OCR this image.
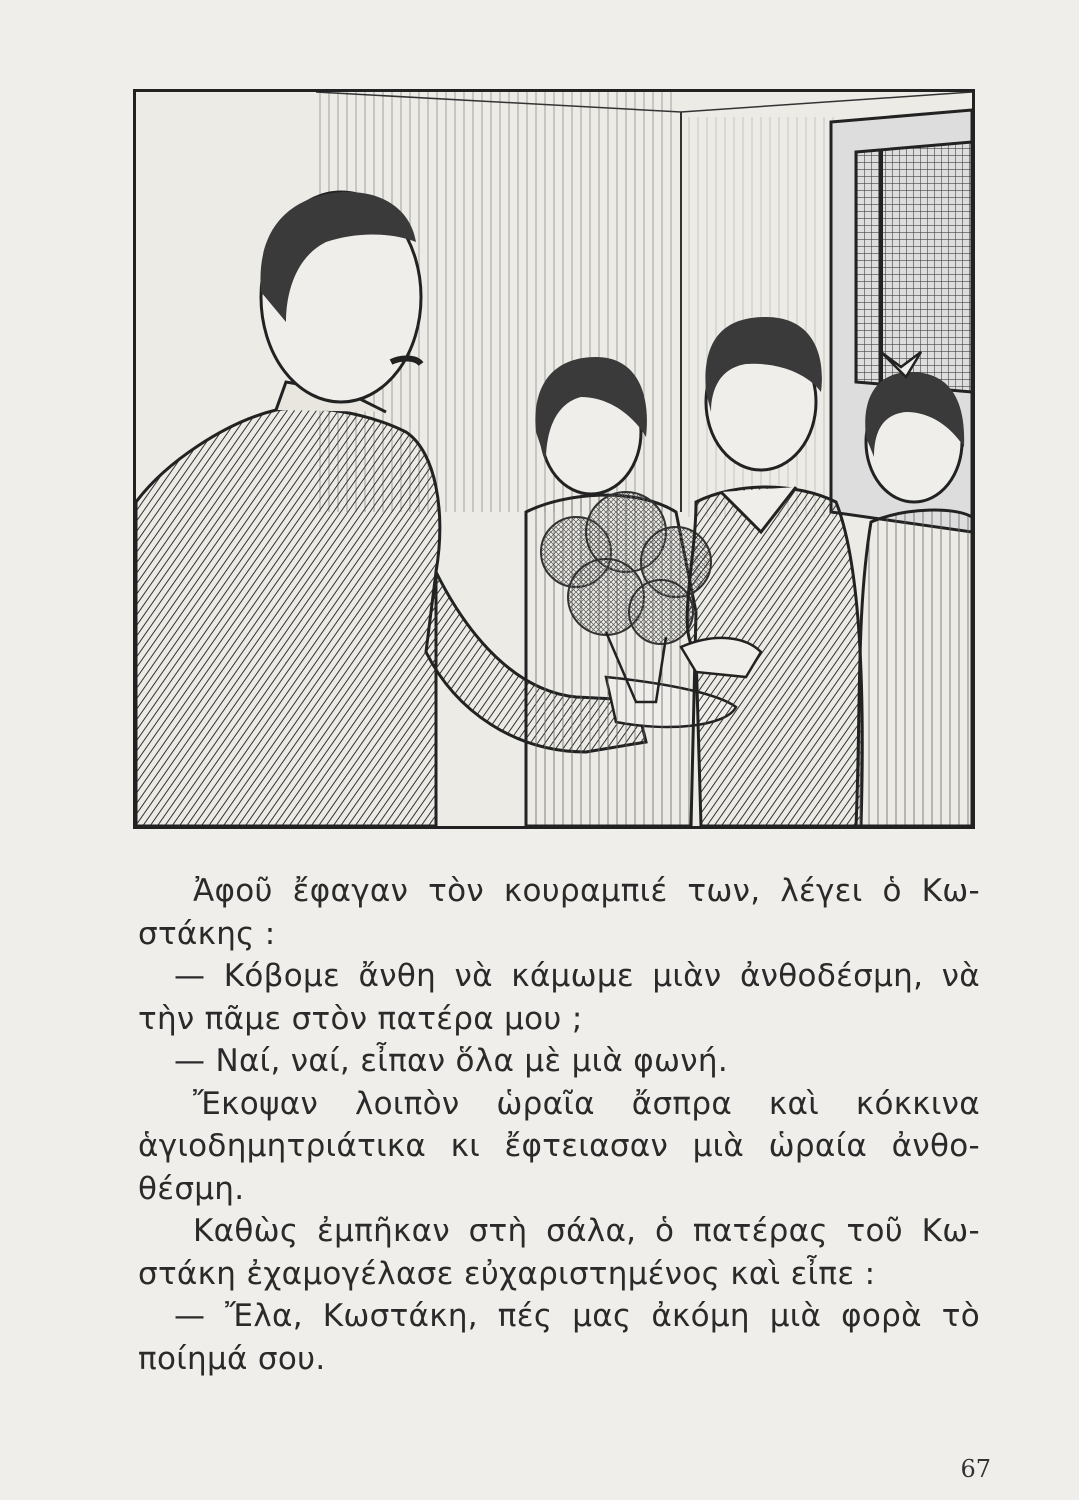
Ἀφοῦ ἔφαγαν τὸν κουραμπιέ των, λέγει ὁ Κω-στάκης :

— Κόβομε ἄνθη νὰ κάμωμε μιὰν ἀνθοδέσμη, νὰ τὴν πᾶμε στὸν πατέρα μου ;

— Ναί, ναί, εἶπαν ὅλα μὲ μιὰ φωνή.

Ἔκοψαν λοιπὸν ὡραῖα ἄσπρα καὶ κόκκινα ἁγιοδημητριάτικα κι ἔφτειασαν μιὰ ὡραία ἀνθο-θέσμη.

Καθὼς ἐμπῆκαν στὴ σάλα, ὁ πατέρας τοῦ Κω-στάκη ἐχαμογέλασε εὐχαριστημένος καὶ εἶπε :

— Ἔλα, Κωστάκη, πές μας ἀκόμη μιὰ φορὰ τὸ ποίημά σου.

67
